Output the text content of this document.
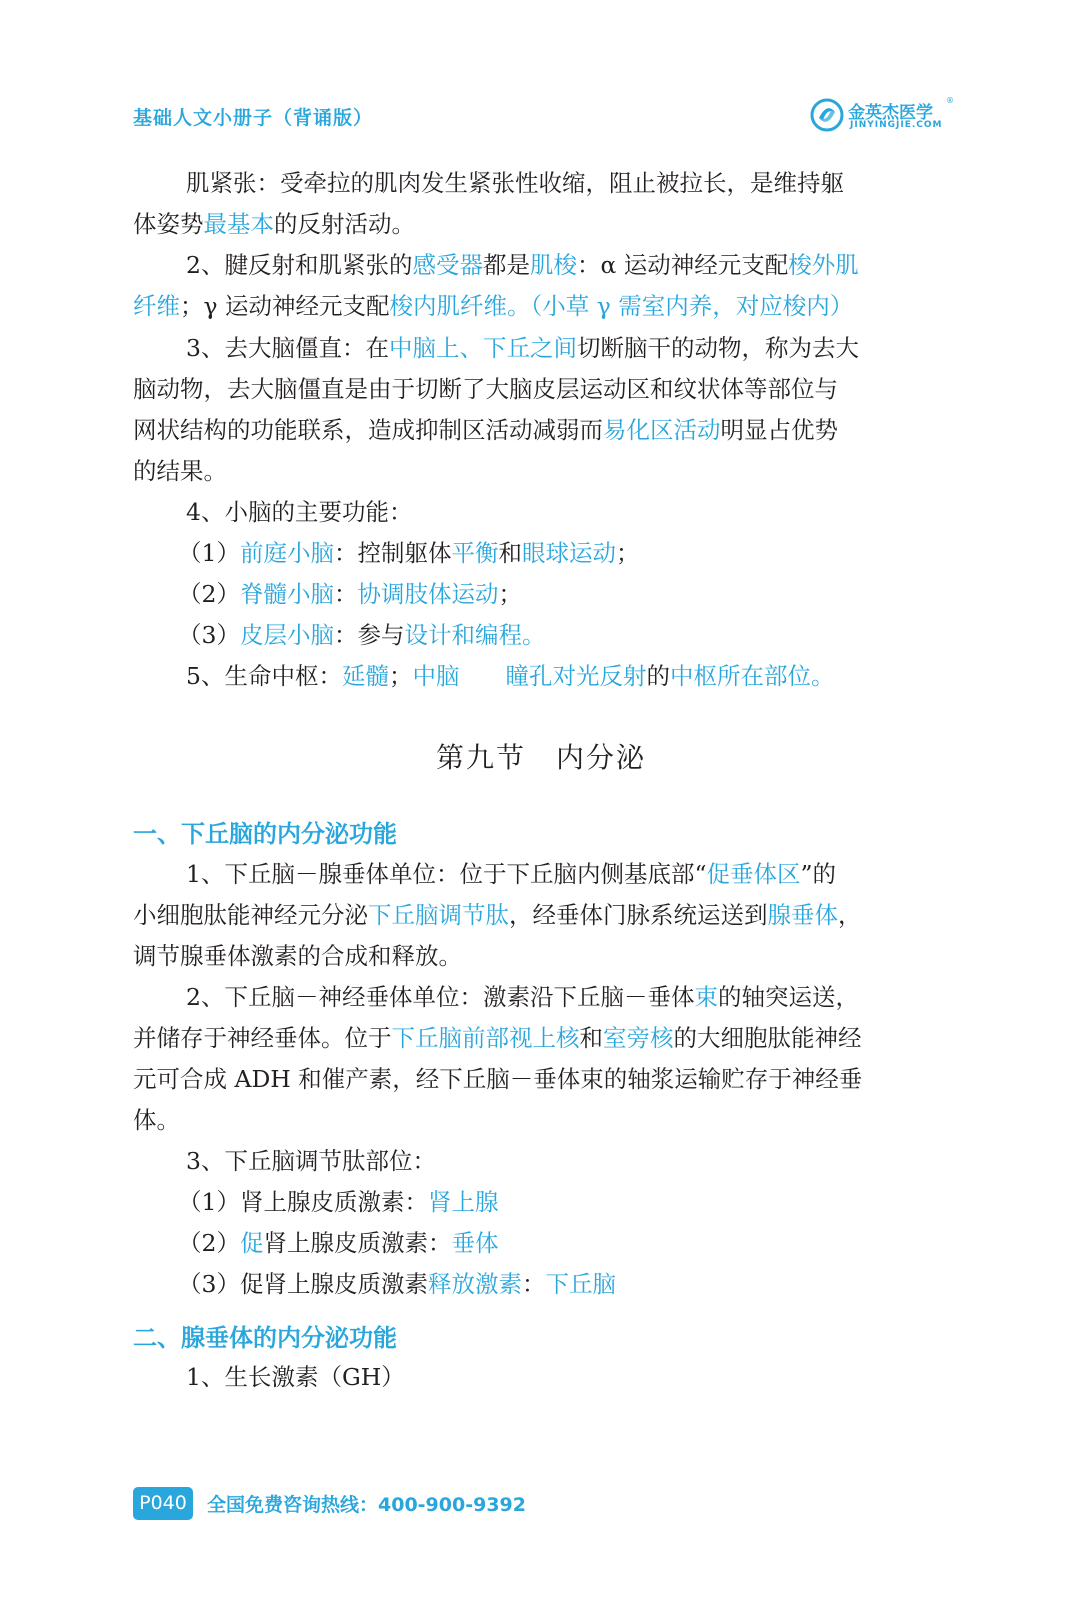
基础人文小册子（背诵版）	金英杰医学
JINYINGJIE.COM
®
肌紧张：受牵拉的肌肉发生紧张性收缩，阻止被拉长，是维持躯
体姿势最基本的反射活动。
2、腱反射和肌紧张的感受器都是肌梭：α 运动神经元支配梭外肌
纤维；γ 运动神经元支配梭内肌纤维。（小草 γ 需室内养，对应梭内）
3、去大脑僵直：在中脑上、下丘之间切断脑干的动物，称为去大
脑动物，去大脑僵直是由于切断了大脑皮层运动区和纹状体等部位与
网状结构的功能联系，造成抑制区活动减弱而易化区活动明显占优势
的结果。
4、小脑的主要功能：
（1）前庭小脑：控制躯体平衡和眼球运动；
（2）脊髓小脑：协调肢体运动；
（3）皮层小脑：参与设计和编程。
5、生命中枢：延髓；中脑 瞳孔对光反射的中枢所在部位。
第九节　内分泌
一、下丘脑的内分泌功能
1、下丘脑－腺垂体单位：位于下丘脑内侧基底部“促垂体区”的
小细胞肽能神经元分泌下丘脑调节肽，经垂体门脉系统运送到腺垂体，
调节腺垂体激素的合成和释放。
2、下丘脑－神经垂体单位：激素沿下丘脑－垂体束的轴突运送，
并储存于神经垂体。位于下丘脑前部视上核和室旁核的大细胞肽能神经
元可合成 ADH 和催产素，经下丘脑－垂体束的轴浆运输贮存于神经垂
体。
3、下丘脑调节肽部位：
（1）肾上腺皮质激素：肾上腺
（2）促肾上腺皮质激素：垂体
（3）促肾上腺皮质激素释放激素：下丘脑
二、腺垂体的内分泌功能
1、生长激素（GH）
P040	全国免费咨询热线：400-900-9392
